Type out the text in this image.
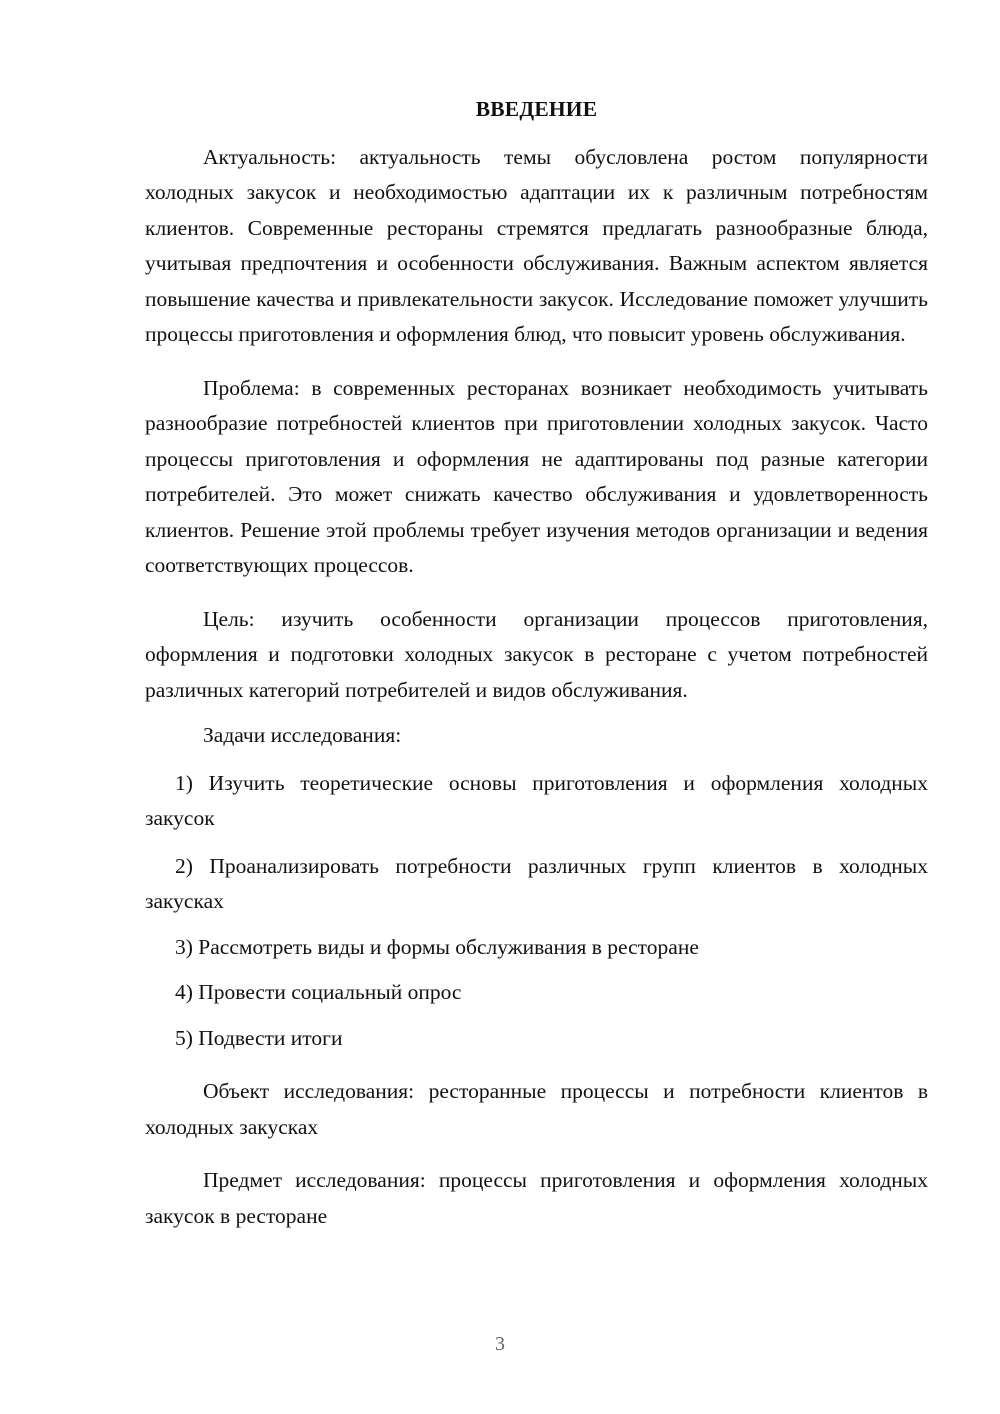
ВВЕДЕНИЕ

Актуальность: актуальность темы обусловлена ростом популярности холодных закусок и необходимостью адаптации их к различным потребностям клиентов. Современные рестораны стремятся предлагать разнообразные блюда, учитывая предпочтения и особенности обслуживания. Важным аспектом является повышение качества и привлекательности закусок. Исследование поможет улучшить процессы приготовления и оформления блюд, что повысит уровень обслуживания.

Проблема: в современных ресторанах возникает необходимость учитывать разнообразие потребностей клиентов при приготовлении холодных закусок. Часто процессы приготовления и оформления не адаптированы под разные категории потребителей. Это может снижать качество обслуживания и удовлетворенность клиентов. Решение этой проблемы требует изучения методов организации и ведения соответствующих процессов.

Цель: изучить особенности организации процессов приготовления, оформления и подготовки холодных закусок в ресторане с учетом потребностей различных категорий потребителей и видов обслуживания.

Задачи исследования:

1) Изучить теоретические основы приготовления и оформления холодных закусок

2) Проанализировать потребности различных групп клиентов в холодных закусках

3) Рассмотреть виды и формы обслуживания в ресторане

4) Провести социальный опрос

5) Подвести итоги

Объект исследования: ресторанные процессы и потребности клиентов в холодных закусках

Предмет исследования: процессы приготовления и оформления холодных закусок в ресторане

3
